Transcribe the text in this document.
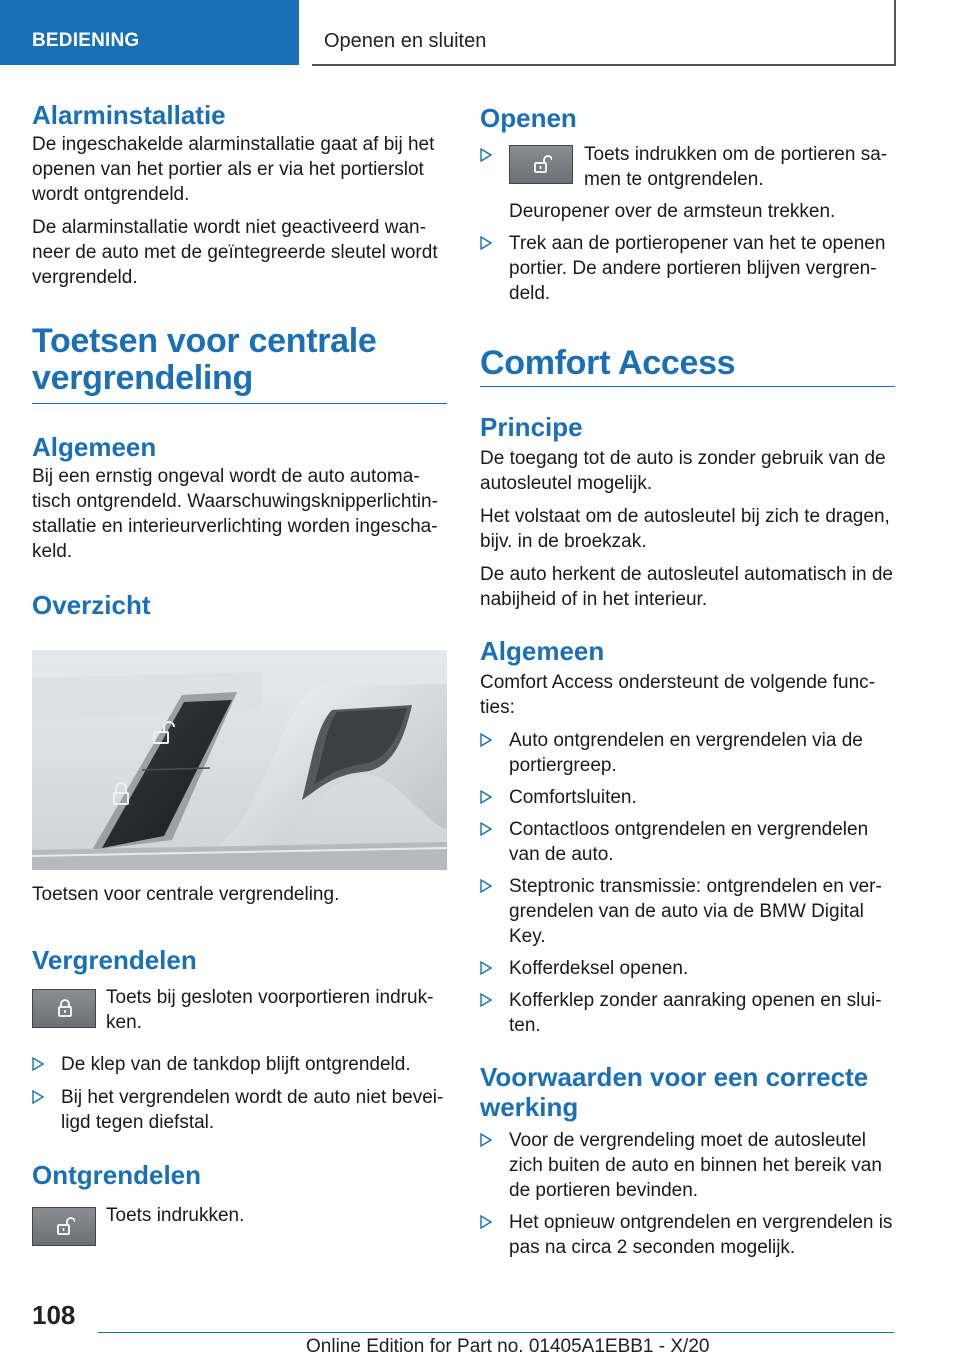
BEDIENING	Openen en sluiten
Alarminstallatie

De ingeschakelde alarminstallatie gaat af bij het openen van het portier als er via het portierslot wordt ontgrendeld.

De alarminstallatie wordt niet geactiveerd wanneer de auto met de geïntegreerde sleutel wordt vergrendeld.

Toetsen voor centrale
vergrendeling
Algemeen

Bij een ernstig ongeval wordt de auto automatisch ontgrendeld. Waarschuwingsknipperlichtinstallatie en interieurverlichting worden ingeschakeld.

Overzicht

Toetsen voor centrale vergrendeling.

Vergrendelen

Toets bij gesloten voorportieren indrukken.

De klep van de tankdop blijft ontgrendeld.

Bij het vergrendelen wordt de auto niet beveiligd tegen diefstal.

Ontgrendelen

Toets indrukken.

Openen

Toets indrukken om de portieren samen te ontgrendelen.

Deuropener over de armsteun trekken.

Trek aan de portieropener van het te openen portier. De andere portieren blijven vergrendeld.

Comfort Access
Principe

De toegang tot de auto is zonder gebruik van de autosleutel mogelijk.

Het volstaat om de autosleutel bij zich te dragen, bijv. in de broekzak.

De auto herkent de autosleutel automatisch in de nabijheid of in het interieur.

Algemeen

Comfort Access ondersteunt de volgende functies:

Auto ontgrendelen en vergrendelen via de portiergreep.

Comfortsluiten.

Contactloos ontgrendelen en vergrendelen van de auto.

Steptronic transmissie: ontgrendelen en vergrendelen van de auto via de BMW Digital Key.

Kofferdeksel openen.

Kofferklep zonder aanraking openen en sluiten.

Voorwaarden voor een correcte werking

Voor de vergrendeling moet de autosleutel zich buiten de auto en binnen het bereik van de portieren bevinden.

Het opnieuw ontgrendelen en vergrendelen is pas na circa 2 seconden mogelijk.

108
Online Edition for Part no. 01405A1EBB1 - X/20
